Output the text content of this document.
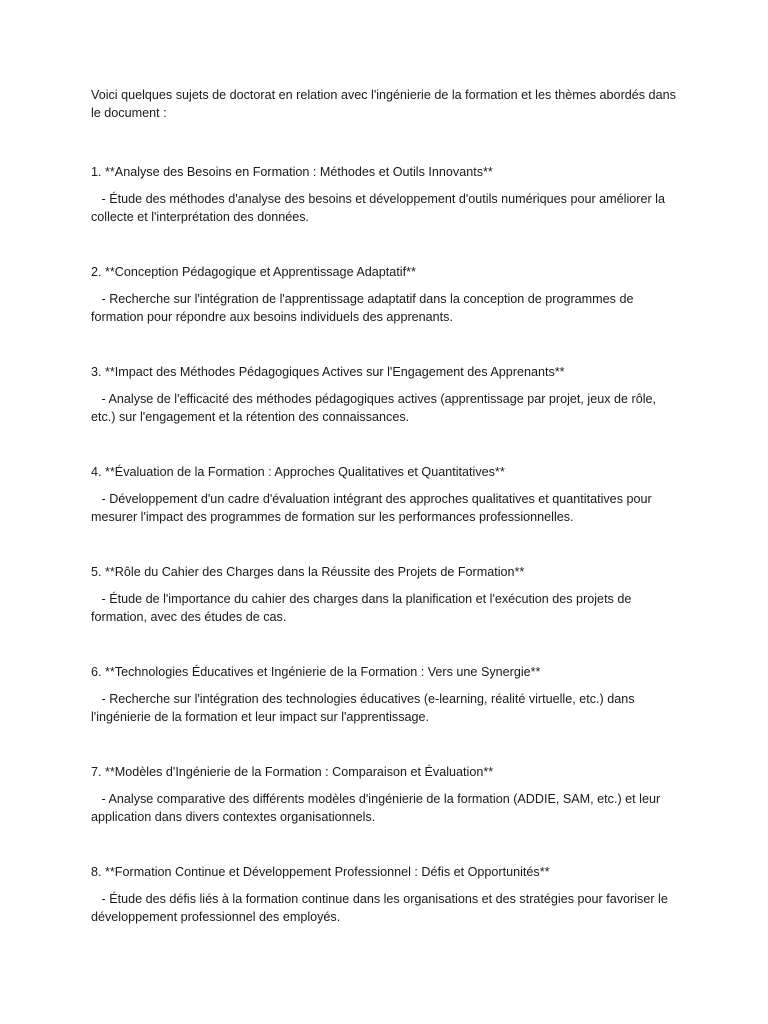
Voici quelques sujets de doctorat en relation avec l'ingénierie de la formation et les thèmes abordés dans le document :

1. **Analyse des Besoins en Formation : Méthodes et Outils Innovants**

- Étude des méthodes d'analyse des besoins et développement d'outils numériques pour améliorer la collecte et l'interprétation des données.

2. **Conception Pédagogique et Apprentissage Adaptatif**

- Recherche sur l'intégration de l'apprentissage adaptatif dans la conception de programmes de formation pour répondre aux besoins individuels des apprenants.

3. **Impact des Méthodes Pédagogiques Actives sur l'Engagement des Apprenants**

- Analyse de l'efficacité des méthodes pédagogiques actives (apprentissage par projet, jeux de rôle, etc.) sur l'engagement et la rétention des connaissances.

4. **Évaluation de la Formation : Approches Qualitatives et Quantitatives**

- Développement d'un cadre d'évaluation intégrant des approches qualitatives et quantitatives pour mesurer l'impact des programmes de formation sur les performances professionnelles.

5. **Rôle du Cahier des Charges dans la Réussite des Projets de Formation**

- Étude de l'importance du cahier des charges dans la planification et l'exécution des projets de formation, avec des études de cas.

6. **Technologies Éducatives et Ingénierie de la Formation : Vers une Synergie**

- Recherche sur l'intégration des technologies éducatives (e-learning, réalité virtuelle, etc.) dans l'ingénierie de la formation et leur impact sur l'apprentissage.

7. **Modèles d'Ingénierie de la Formation : Comparaison et Évaluation**

- Analyse comparative des différents modèles d'ingénierie de la formation (ADDIE, SAM, etc.) et leur application dans divers contextes organisationnels.

8. **Formation Continue et Développement Professionnel : Défis et Opportunités**

- Étude des défis liés à la formation continue dans les organisations et des stratégies pour favoriser le développement professionnel des employés.
